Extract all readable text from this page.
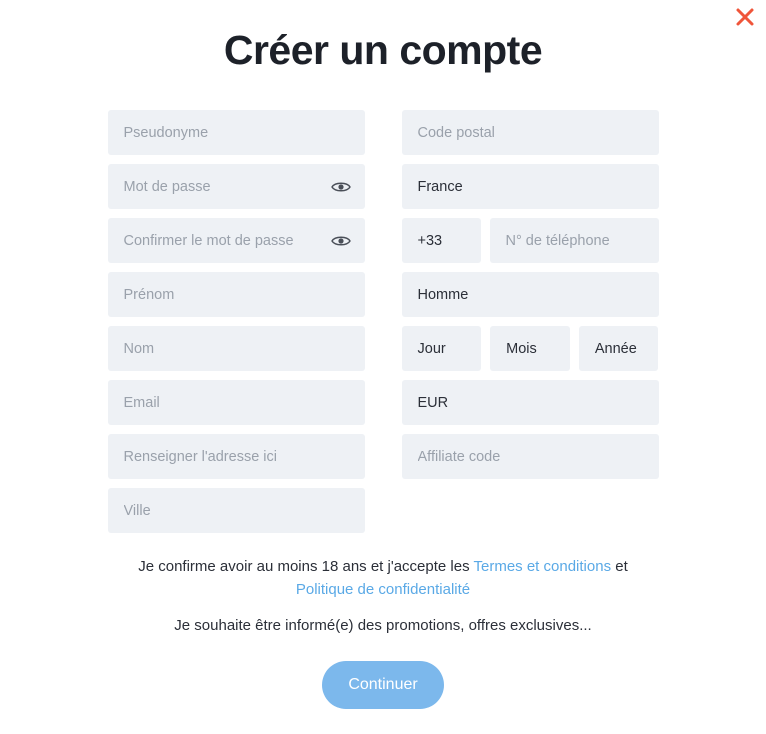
Créer un compte
Pseudonyme
Mot de passe
Confirmer le mot de passe
Prénom
Nom
Email
Renseigner l'adresse ici
Ville
Code postal
France
+33
N° de téléphone
Homme
Jour	Mois	Année
EUR
Affiliate code
Je confirme avoir au moins 18 ans et j'accepte les Termes et conditions et Politique de confidentialité
Je souhaite être informé(e) des promotions, offres exclusives...
Continuer
